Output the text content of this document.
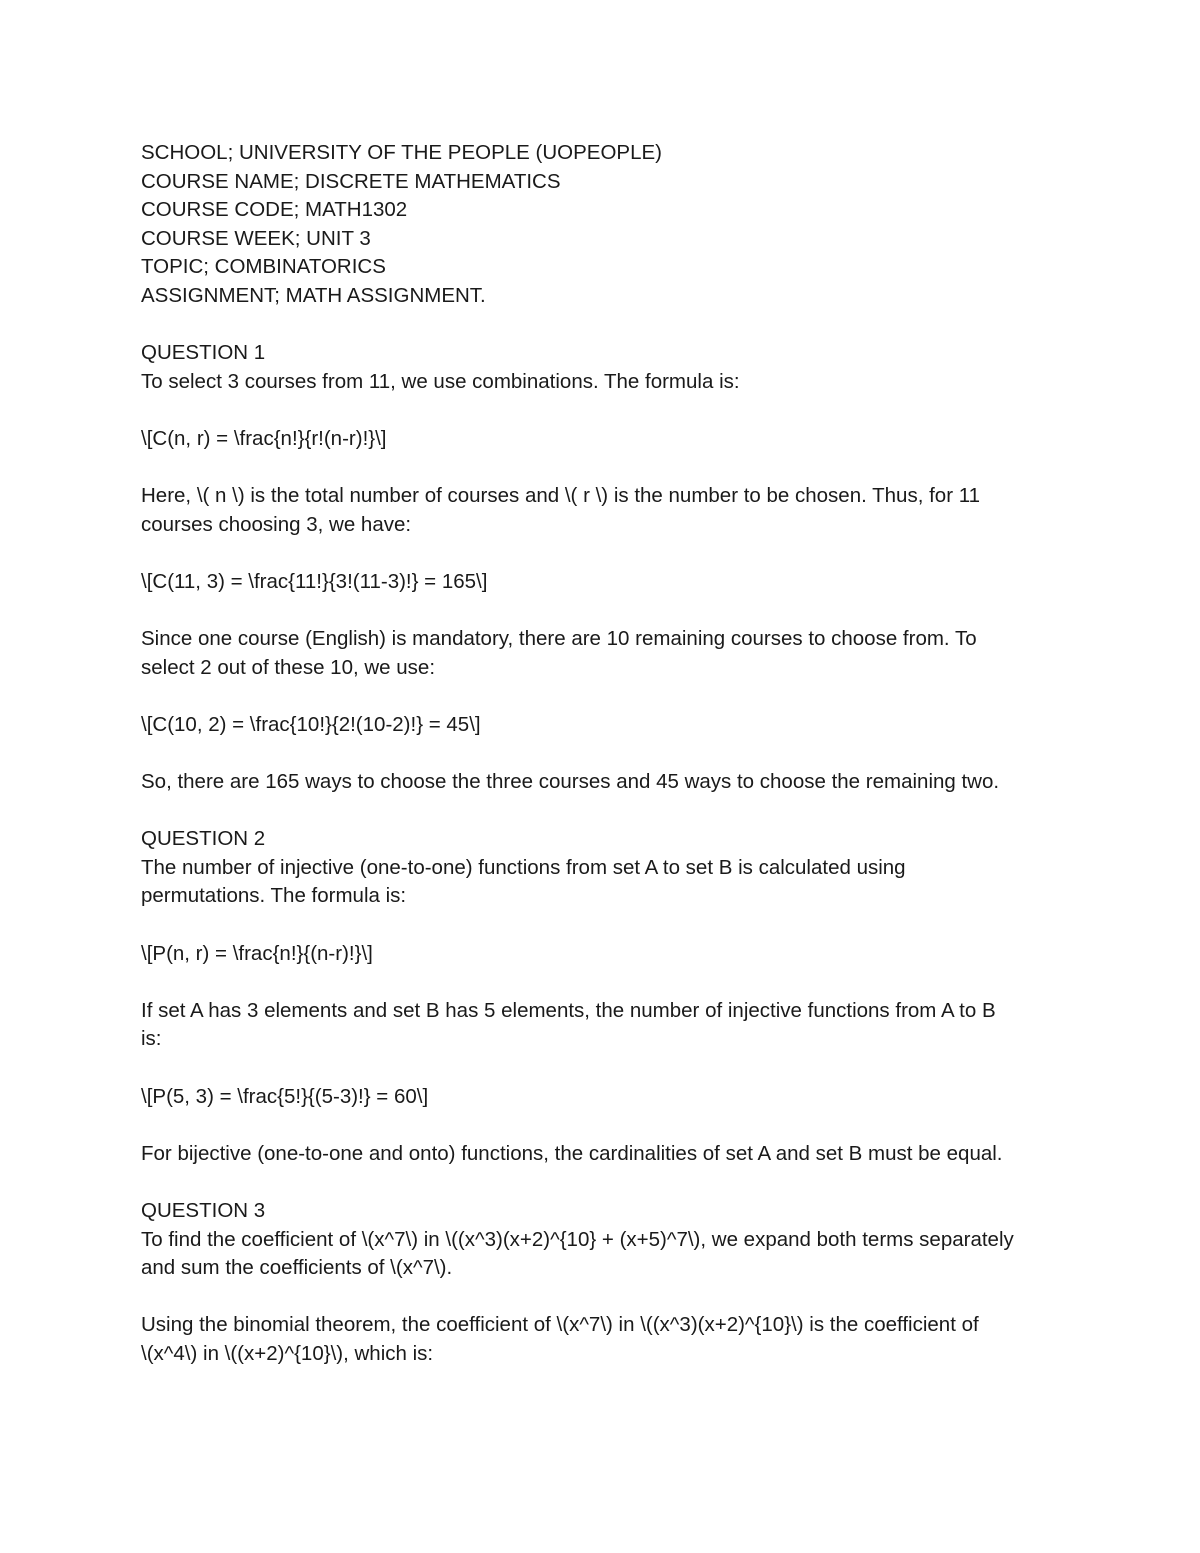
SCHOOL; UNIVERSITY OF THE PEOPLE (UOPEOPLE)

COURSE NAME; DISCRETE MATHEMATICS

COURSE CODE; MATH1302

COURSE WEEK; UNIT 3

TOPIC; COMBINATORICS

ASSIGNMENT; MATH ASSIGNMENT.

QUESTION 1

To select 3 courses from 11, we use combinations. The formula is:

\[C(n, r) = \frac{n!}{r!(n-r)!}\]

Here, \( n \) is the total number of courses and \( r \) is the number to be chosen. Thus, for 11

courses choosing 3, we have:

\[C(11, 3) = \frac{11!}{3!(11-3)!} = 165\]

Since one course (English) is mandatory, there are 10 remaining courses to choose from. To

select 2 out of these 10, we use:

\[C(10, 2) = \frac{10!}{2!(10-2)!} = 45\]

So, there are 165 ways to choose the three courses and 45 ways to choose the remaining two.

QUESTION 2

The number of injective (one-to-one) functions from set A to set B is calculated using

permutations. The formula is:

\[P(n, r) = \frac{n!}{(n-r)!}\]

If set A has 3 elements and set B has 5 elements, the number of injective functions from A to B

is:

\[P(5, 3) = \frac{5!}{(5-3)!} = 60\]

For bijective (one-to-one and onto) functions, the cardinalities of set A and set B must be equal.

QUESTION 3

To find the coefficient of \(x^7\) in \((x^3)(x+2)^{10} + (x+5)^7\), we expand both terms separately

and sum the coefficients of \(x^7\).

Using the binomial theorem, the coefficient of \(x^7\) in \((x^3)(x+2)^{10}\) is the coefficient of

\(x^4\) in \((x+2)^{10}\), which is:
